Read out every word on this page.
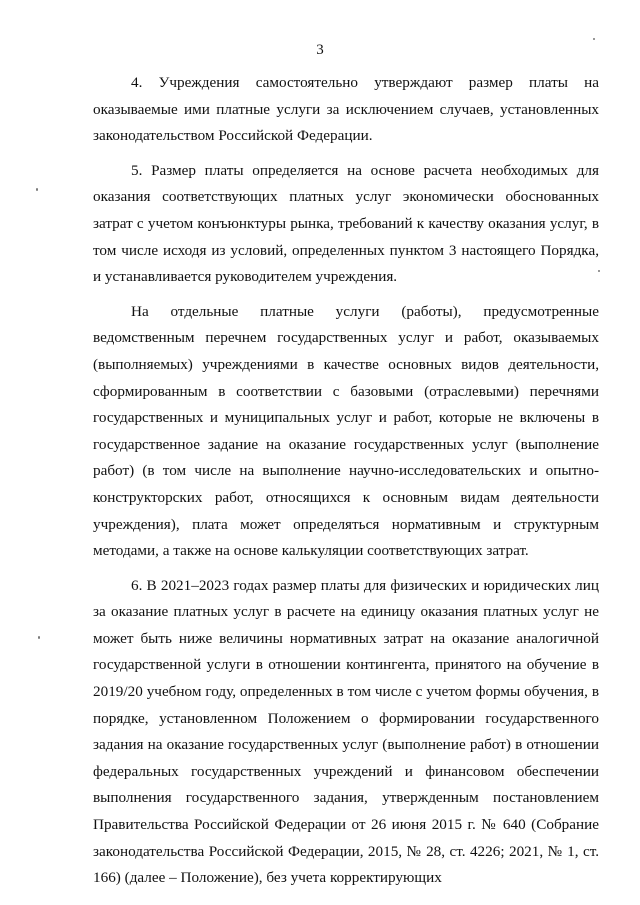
3

4. Учреждения самостоятельно утверждают размер платы на оказываемые ими платные услуги за исключением случаев, установленных законодательством Российской Федерации.

5. Размер платы определяется на основе расчета необходимых для оказания соответствующих платных услуг экономически обоснованных затрат с учетом конъюнктуры рынка, требований к качеству оказания услуг, в том числе исходя из условий, определенных пунктом 3 настоящего Порядка, и устанавливается руководителем учреждения.

На отдельные платные услуги (работы), предусмотренные ведомственным перечнем государственных услуг и работ, оказываемых (выполняемых) учреждениями в качестве основных видов деятельности, сформированным в соответствии с базовыми (отраслевыми) перечнями государственных и муниципальных услуг и работ, которые не включены в государственное задание на оказание государственных услуг (выполнение работ) (в том числе на выполнение научно-исследовательских и опытно-конструкторских работ, относящихся к основным видам деятельности учреждения), плата может определяться нормативным и структурным методами, а также на основе калькуляции соответствующих затрат.

6. В 2021–2023 годах размер платы для физических и юридических лиц за оказание платных услуг в расчете на единицу оказания платных услуг не может быть ниже величины нормативных затрат на оказание аналогичной государственной услуги в отношении контингента, принятого на обучение в 2019/20 учебном году, определенных в том числе с учетом формы обучения, в порядке, установленном Положением о формировании государственного задания на оказание государственных услуг (выполнение работ) в отношении федеральных государственных учреждений и финансовом обеспечении выполнения государственного задания, утвержденным постановлением Правительства Российской Федерации от 26 июня 2015 г. № 640 (Собрание законодательства Российской Федерации, 2015, № 28, ст. 4226; 2021, № 1, ст. 166) (далее – Положение), без учета корректирующих
